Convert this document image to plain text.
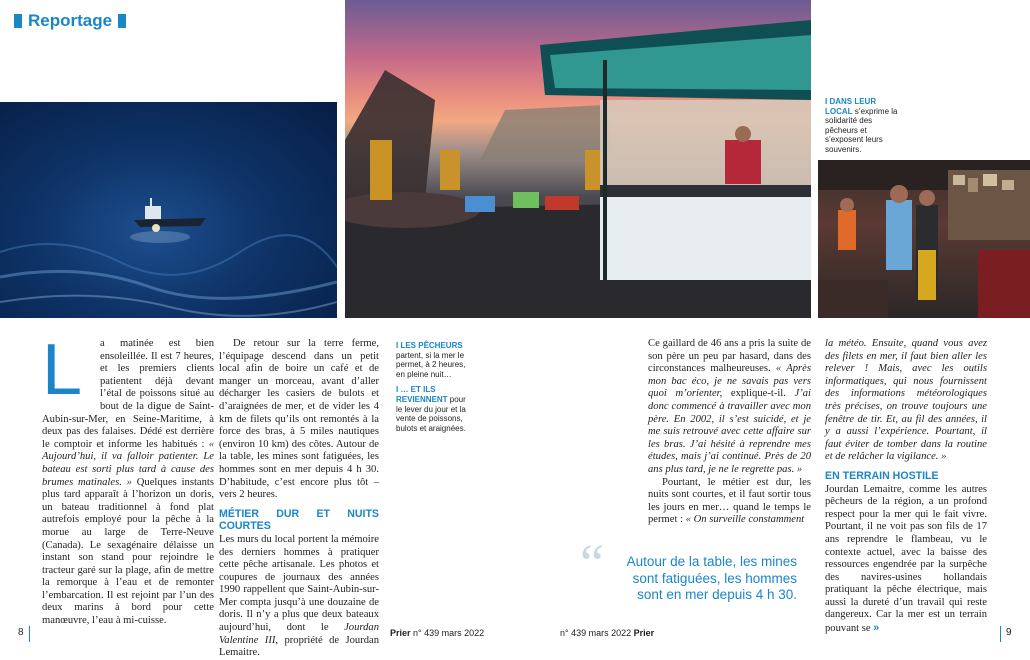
Reportage

I DANS LEUR LOCAL s’exprime la solidarité des pêcheurs et s’exposent leurs souvenirs.

I LES PÊCHEURS partent, si la mer le permet, à 2 heures, en pleine nuit…

I … ET ILS REVIENNENT pour le lever du jour et la vente de poissons, bulots et araignées.

L	a matinée est bien ensoleillée. Il est 7 heures, et les premiers clients patientent déjà devant l’étal de poissons situé au bout de la digue de Saint-Aubin-sur-Mer, en Seine-Maritime, à deux pas des falaises. Dédé est derrière le comptoir et informe les habitués : « Aujourd’hui, il va falloir patienter. Le bateau est sorti plus tard à cause des brumes matinales. » Quelques instants plus tard apparaît à l’horizon un doris, un bateau traditionnel à fond plat autrefois employé pour la pêche à la morue au large de Terre-Neuve (Canada). Le sexagénaire délaisse un instant son stand pour rejoindre le tracteur garé sur la plage, afin de mettre la remorque à l’eau et de remonter l’embarcation. Il est rejoint par l’un des deux marins à bord pour cette manœuvre, l’eau à mi-cuisse.

De retour sur la terre ferme, l’équipage descend dans un petit local afin de boire un café et de manger un morceau, avant d’aller décharger les casiers de bulots et d’araignées de mer, et de vider les 4 km de filets qu’ils ont remontés à la force des bras, à 5 miles nautiques (environ 10 km) des côtes. Autour de la table, les mines sont fatiguées, les hommes sont en mer depuis 4 h 30. D’habitude, c’est encore plus tôt – vers 2 heures.

MÉTIER DUR ET NUITS COURTES

Les murs du local portent la mémoire des derniers hommes à pratiquer cette pêche artisanale. Les photos et coupures de journaux des années 1990 rappellent que Saint-Aubin-sur-Mer compta jusqu’à une douzaine de doris. Il n’y a plus que deux bateaux aujourd’hui, dont le Jourdan Valentine III, propriété de Jourdan Lemaitre.

Ce gaillard de 46 ans a pris la suite de son père un peu par hasard, dans des circonstances malheureuses. « Après mon bac éco, je ne savais pas vers quoi m’orienter, explique-t-il. J’ai donc commencé à travailler avec mon père. En 2002, il s’est suicidé, et je me suis retrouvé avec cette affaire sur les bras. J’ai hésité à reprendre mes études, mais j’ai continué. Près de 20 ans plus tard, je ne le regrette pas. »

Pourtant, le métier est dur, les nuits sont courtes, et il faut sortir tous les jours en mer… quand le temps le permet : « On surveille constamment

la météo. Ensuite, quand vous avez des filets en mer, il faut bien aller les relever ! Mais, avec les outils informatiques, qui nous fournissent des informations météorologiques très précises, on trouve toujours une fenêtre de tir. Et, au fil des années, il y a aussi l’expérience. Pourtant, il faut éviter de tomber dans la routine et de relâcher la vigilance. »

EN TERRAIN HOSTILE

Jourdan Lemaitre, comme les autres pêcheurs de la région, a un profond respect pour la mer qui le fait vivre. Pourtant, il ne voit pas son fils de 17 ans reprendre le flambeau, vu le contexte actuel, avec la baisse des ressources engendrée par la surpêche des navires-usines hollandais pratiquant la pêche électrique, mais aussi la dureté d’un travail qui reste dangereux. Car la mer est un terrain pouvant se »

“	Autour de la table, les mines sont fatiguées, les hommes sont en mer depuis 4 h 30.
8	Prier n° 439 mars 2022	n° 439 mars 2022 Prier	9
